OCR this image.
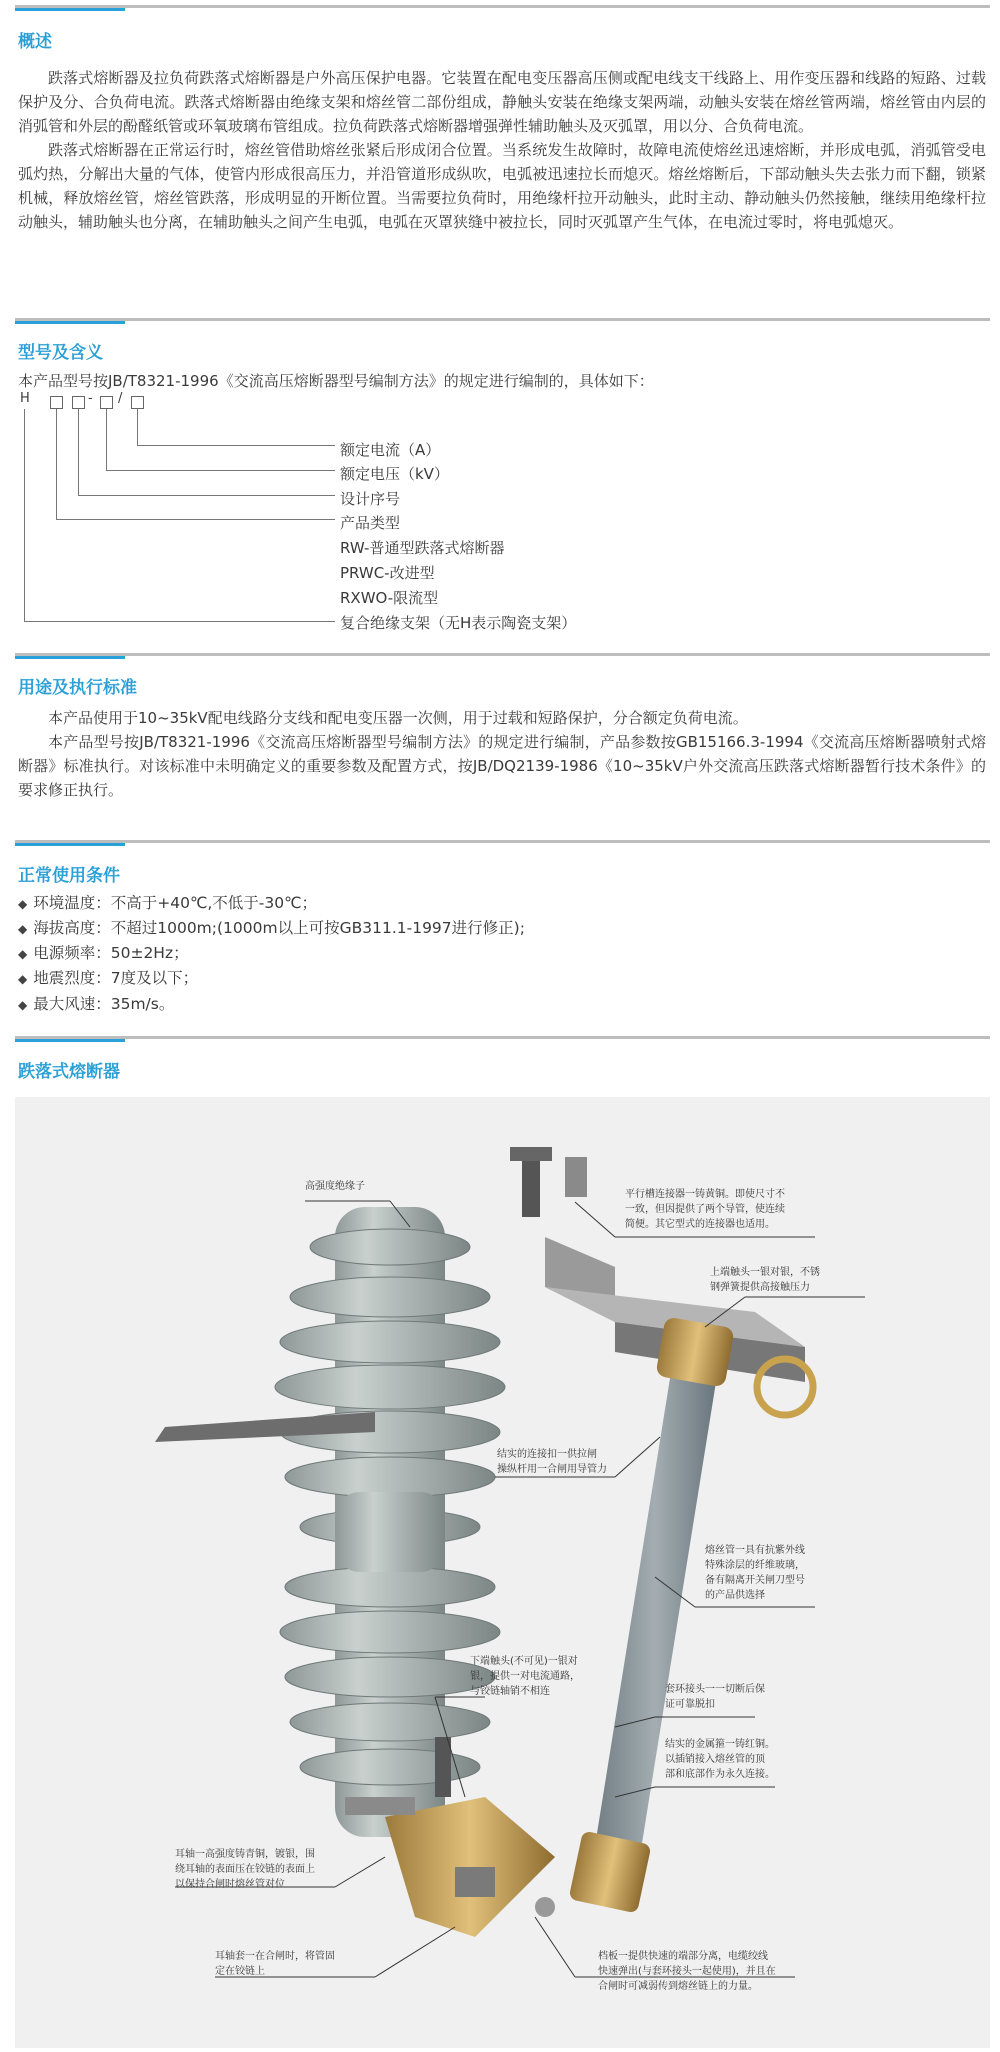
概述

跌落式熔断器及拉负荷跌落式熔断器是户外高压保护电器。它装置在配电变压器高压侧或配电线支干线路上、用作变压器和线路的短路、过载保护及分、合负荷电流。跌落式熔断器由绝缘支架和熔丝管二部份组成，静触头安装在绝缘支架两端，动触头安装在熔丝管两端，熔丝管由内层的消弧管和外层的酚醛纸管或环氧玻璃布管组成。拉负荷跌落式熔断器增强弹性辅助触头及灭弧罩，用以分、合负荷电流。

跌落式熔断器在正常运行时，熔丝管借助熔丝张紧后形成闭合位置。当系统发生故障时，故障电流使熔丝迅速熔断，并形成电弧，消弧管受电弧灼热，分解出大量的气体，使管内形成很高压力，并沿管道形成纵吹，电弧被迅速拉长而熄灭。熔丝熔断后，下部动触头失去张力而下翻，锁紧机械，释放熔丝管，熔丝管跌落，形成明显的开断位置。当需要拉负荷时，用绝缘杆拉开动触头，此时主动、静动触头仍然接触，继续用绝缘杆拉动触头，辅助触头也分离，在辅助触头之间产生电弧，电弧在灭罩狭缝中被拉长，同时灭弧罩产生气体，在电流过零时，将电弧熄灭。

型号及含义
本产品型号按JB/T8321-1996《交流高压熔断器型号编制方法》的规定进行编制的，具体如下：
H	- /
额定电流（A）
额定电压（kV）
设计序号
产品类型
RW-普通型跌落式熔断器
PRWC-改进型
RXWO-限流型
复合绝缘支架（无H表示陶瓷支架）
用途及执行标准

本产品使用于10~35kV配电线路分支线和配电变压器一次侧，用于过载和短路保护，分合额定负荷电流。

本产品型号按JB/T8321-1996《交流高压熔断器型号编制方法》的规定进行编制，产品参数按GB15166.3-1994《交流高压熔断器喷射式熔断器》标准执行。对该标准中未明确定义的重要参数及配置方式，按JB/DQ2139-1986《10~35kV户外交流高压跌落式熔断器暂行技术条件》的要求修正执行。

正常使用条件
◆ 环境温度：不高于+40℃,不低于-30℃；
◆ 海拔高度：不超过1000m;(1000m以上可按GB311.1-1997进行修正);
◆ 电源频率：50±2Hz；
◆ 地震烈度：7度及以下；
◆ 最大风速：35m/s。
跌落式熔断器
高强度绝缘子
平行槽连接器一铸黄铜。即使尺寸不
一致，但因提供了两个导管，使连续
简便。其它型式的连接器也适用。
上端触头一银对银，不锈
钢弹簧提供高接触压力
结实的连接扣一供拉闸
操纵杆用一合闸用导管力
熔丝管一具有抗紫外线
特殊涂层的纤维玻璃，
备有隔离开关闸刀型号
的产品供选择
下端触头(不可见)一银对
银，提供一对电流通路，
与铰链轴销不相连	套环接头一一切断后保
证可靠脱扣
结实的金属箍一铸红铜。
以插销接入熔丝管的顶
部和底部作为永久连接。
耳轴一高强度铸青铜，镀银，围
绕耳轴的表面压在铰链的表面上
以保持合闸时熔丝管对位
耳轴套一在合闸时，将管固
定在铰链上
档板一提供快速的端部分离，电缆绞线
快速弹出(与套环接头一起使用)，并且在
合闸时可减弱传到熔丝链上的力量。
